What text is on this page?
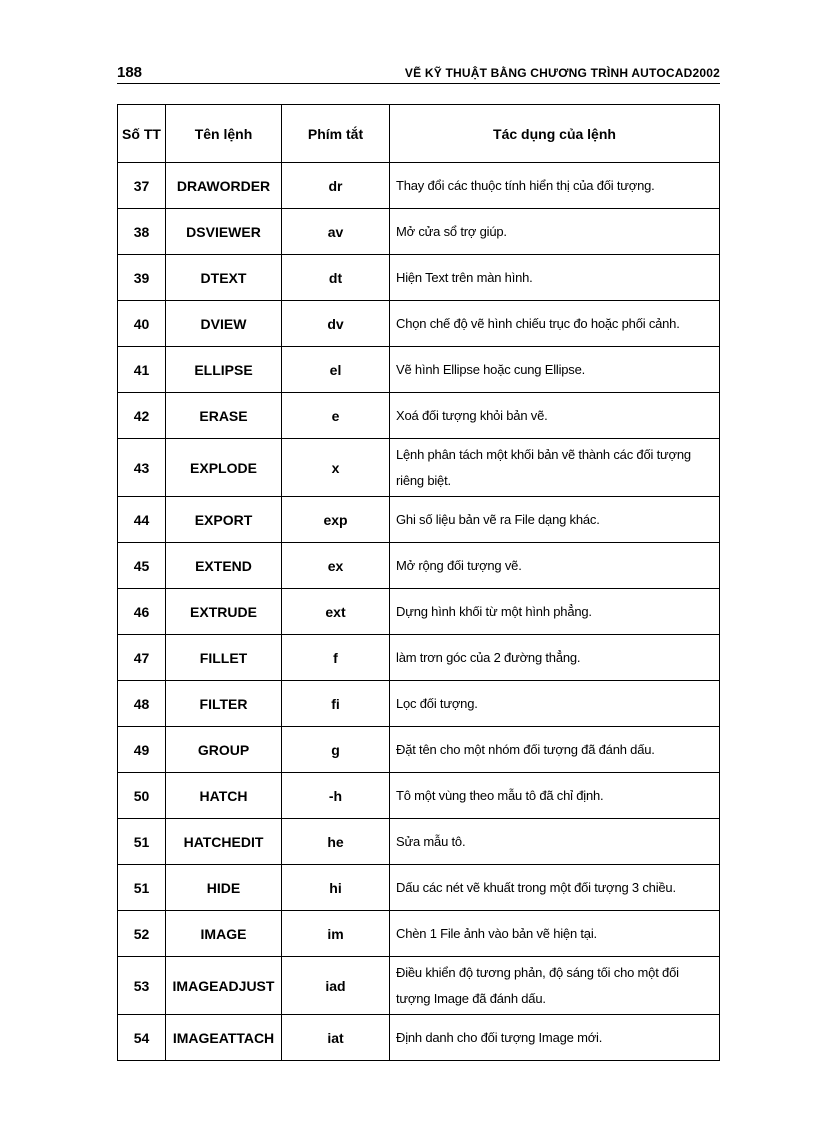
188	VẼ KỸ THUẬT BẰNG CHƯƠNG TRÌNH AUTOCAD2002
Số TT	Tên lệnh	Phím tắt	Tác dụng của lệnh
37	DRAWORDER	dr	Thay đổi các thuộc tính hiển thị của đối tượng.
38	DSVIEWER	av	Mở cửa sổ trợ giúp.
39	DTEXT	dt	Hiện Text trên màn hình.
40	DVIEW	dv	Chọn chế độ vẽ hình chiếu trục đo hoặc phối cảnh.
41	ELLIPSE	el	Vẽ hình Ellipse hoặc cung Ellipse.
42	ERASE	e	Xoá đối tượng khỏi bản vẽ.
43	EXPLODE	x	Lệnh phân tách một khối bản vẽ thành các đối tượng riêng biệt.
44	EXPORT	exp	Ghi số liệu bản vẽ ra File dạng khác.
45	EXTEND	ex	Mở rộng đối tượng vẽ.
46	EXTRUDE	ext	Dựng hình khối từ một hình phẳng.
47	FILLET	f	làm trơn góc của 2 đường thẳng.
48	FILTER	fi	Lọc đối tượng.
49	GROUP	g	Đặt tên cho một nhóm đối tượng đã đánh dấu.
50	HATCH	-h	Tô một vùng theo mẫu tô đã chỉ định.
51	HATCHEDIT	he	Sửa mẫu tô.
51	HIDE	hi	Dấu các nét vẽ khuất trong một đối tượng 3 chiều.
52	IMAGE	im	Chèn 1 File ảnh vào bản vẽ hiện tại.
53	IMAGEADJUST	iad	Điều khiển độ tương phản, độ sáng tối cho một đối tượng Image đã đánh dấu.
54	IMAGEATTACH	iat	Định danh cho đối tượng Image mới.
